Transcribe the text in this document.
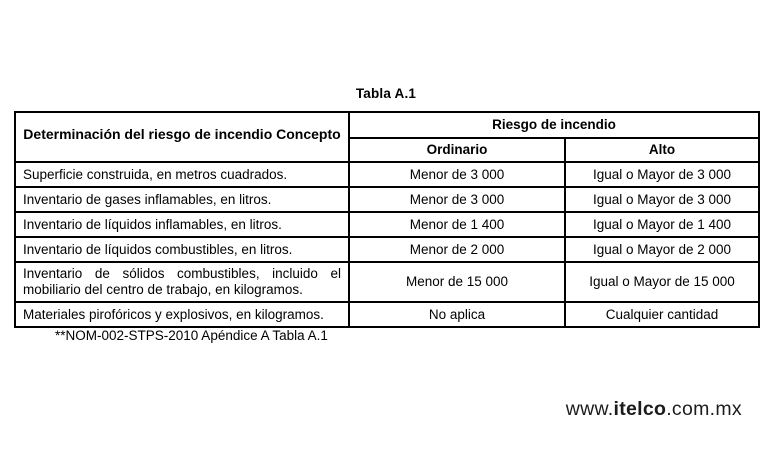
Tabla A.1
Determinación del riesgo de incendio Concepto	Riesgo de incendio	
	Ordinario	Alto
Superficie construida, en metros cuadrados.	Menor de 3 000	Igual o Mayor de 3 000
Inventario de gases inflamables, en litros.	Menor de 3 000	Igual o Mayor de 3 000
Inventario de líquidos inflamables, en litros.	Menor de 1 400	Igual o Mayor de 1 400
Inventario de líquidos combustibles, en litros.	Menor de 2 000	Igual o Mayor de 2 000
Inventario de sólidos combustibles, incluido el mobiliario del centro de trabajo, en kilogramos.	Menor de 15 000	Igual o Mayor de 15 000
Materiales pirofóricos y explosivos, en kilogramos.	No aplica	Cualquier cantidad
**NOM-002-STPS-2010 Apéndice A Tabla A.1
www.itelco.com.mx
